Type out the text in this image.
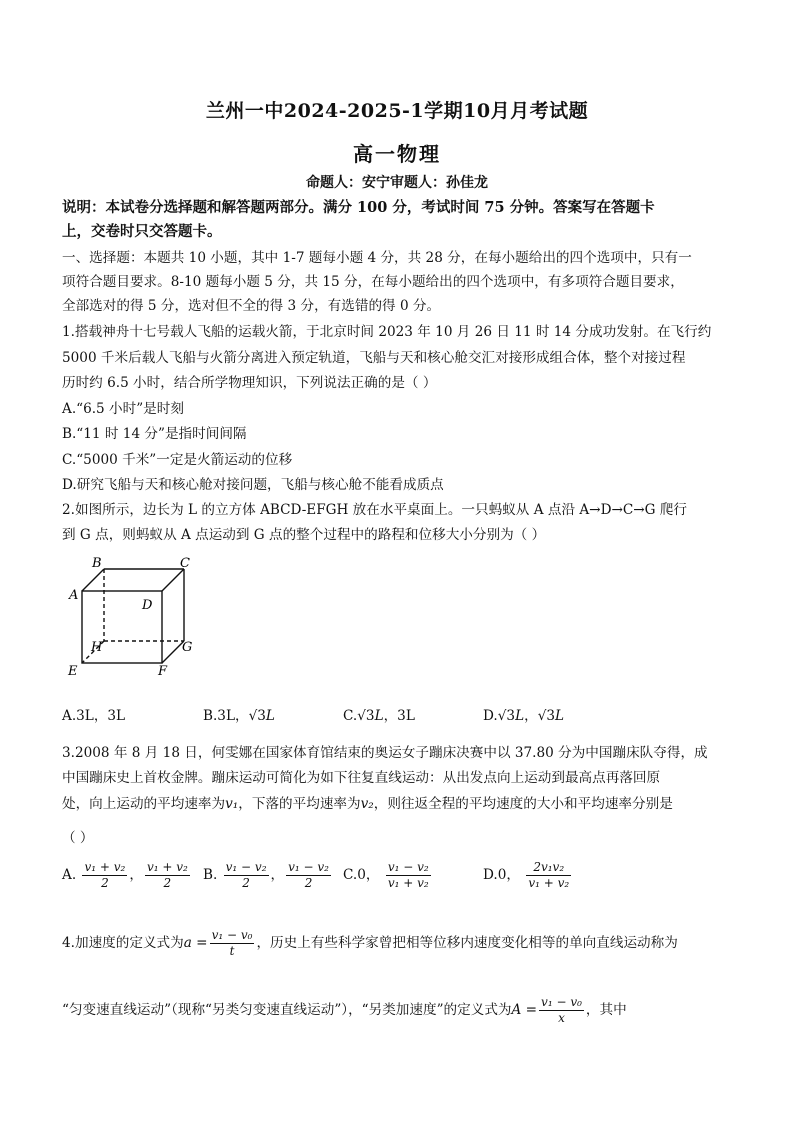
兰州一中2024-2025-1学期10月月考试题
高一物理
命题人：安宁审题人：孙佳龙
说明：本试卷分选择题和解答题两部分。满分 100 分，考试时间 75 分钟。答案写在答题卡
上，交卷时只交答题卡。
一、选择题：本题共 10 小题，其中 1-7 题每小题 4 分，共 28 分，在每小题给出的四个选项中，只有一
项符合题目要求。8-10 题每小题 5 分，共 15 分，在每小题给出的四个选项中，有多项符合题目要求，
全部选对的得 5 分，选对但不全的得 3 分，有选错的得 0 分。
1.搭载神舟十七号载人飞船的运载火箭，于北京时间 2023 年 10 月 26 日 11 时 14 分成功发射。在飞行约
5000 千米后载人飞船与火箭分离进入预定轨道，飞船与天和核心舱交汇对接形成组合体，整个对接过程
历时约 6.5 小时，结合所学物理知识，下列说法正确的是（ ）
A.“6.5 小时”是时刻
B.“11 时 14 分”是指时间间隔
C.“5000 千米”一定是火箭运动的位移
D.研究飞船与天和核心舱对接问题，飞船与核心舱不能看成质点
2.如图所示，边长为 L 的立方体 ABCD-EFGH 放在水平桌面上。一只蚂蚁从 A 点沿 A→D→C→G 爬行
到 G 点，则蚂蚁从 A 点运动到 G 点的整个过程中的路程和位移大小分别为（ ）
B	C
A
D
H	G
E	F
A.3L，3L	B.3L，√3L	C.√3L，3L	D.√3L，√3L
3.2008 年 8 月 18 日，何雯娜在国家体育馆结束的奥运女子蹦床决赛中以 37.80 分为中国蹦床队夺得，成
中国蹦床史上首枚金牌。蹦床运动可简化为如下往复直线运动：从出发点向上运动到最高点再落回原
处，向上运动的平均速率为v₁，下落的平均速率为v₂，则往返全程的平均速度的大小和平均速率分别是
（ ）
A. $\frac{\text{v₁ + v₂}}{2}$ ， $\frac{\text{v₁ + v₂}}{2} B$. $\frac{\text{v₁ − v₂}}{2}$ ， $\frac{\text{v₁ − v₂}}{2} C.0$， $\frac{\text{v₁ − v₂}}{\text{v₁ + v₂}}$	D.0， $\frac{\text{2v₁v₂}}{\text{v₁ + v₂}}$
4.加速度的定义式为$a = \frac{\text{v₁ − v₀}}{t}$ ，历史上有些科学家曾把相等位移内速度变化相等的单向直线运动称为
“匀变速直线运动”（现称“另类匀变速直线运动”），“另类加速度”的定义式为$A = \frac{\text{v₁ − v₀}}{x}$ ，其中
